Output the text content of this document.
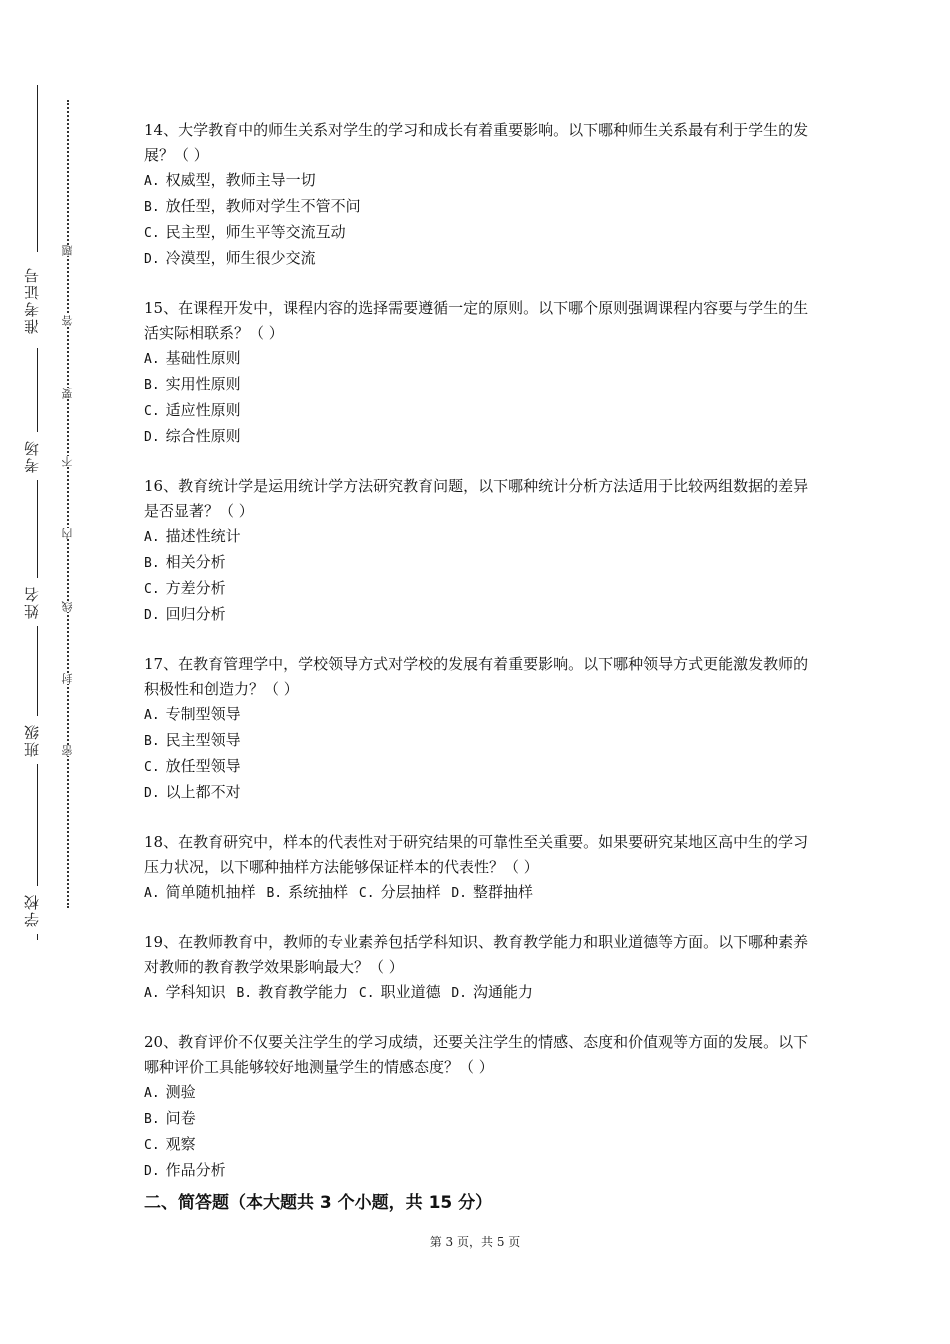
准考证号
考场
姓名
班级
学校
题
答
要
不
内
线
封
密

14、大学教育中的师生关系对学生的学习和成长有着重要影响。以下哪种师生关系最有利于学生的发展？（ ）

A. 权威型，教师主导一切

B. 放任型，教师对学生不管不问

C. 民主型，师生平等交流互动

D. 冷漠型，师生很少交流

15、在课程开发中，课程内容的选择需要遵循一定的原则。以下哪个原则强调课程内容要与学生的生活实际相联系？（ ）

A. 基础性原则

B. 实用性原则

C. 适应性原则

D. 综合性原则

16、教育统计学是运用统计学方法研究教育问题，以下哪种统计分析方法适用于比较两组数据的差异是否显著？（ ）

A. 描述性统计

B. 相关分析

C. 方差分析

D. 回归分析

17、在教育管理学中，学校领导方式对学校的发展有着重要影响。以下哪种领导方式更能激发教师的积极性和创造力？（ ）

A. 专制型领导

B. 民主型领导

C. 放任型领导

D. 以上都不对

18、在教育研究中，样本的代表性对于研究结果的可靠性至关重要。如果要研究某地区高中生的学习压力状况，以下哪种抽样方法能够保证样本的代表性？（ ）

A. 简单随机抽样 B. 系统抽样 C. 分层抽样 D. 整群抽样

19、在教师教育中，教师的专业素养包括学科知识、教育教学能力和职业道德等方面。以下哪种素养对教师的教育教学效果影响最大？（ ）

A. 学科知识 B. 教育教学能力 C. 职业道德 D. 沟通能力

20、教育评价不仅要关注学生的学习成绩，还要关注学生的情感、态度和价值观等方面的发展。以下哪种评价工具能够较好地测量学生的情感态度？（ ）

A. 测验

B. 问卷

C. 观察

D. 作品分析

二、简答题（本大题共 3 个小题，共 15 分）
第 3 页，共 5 页
